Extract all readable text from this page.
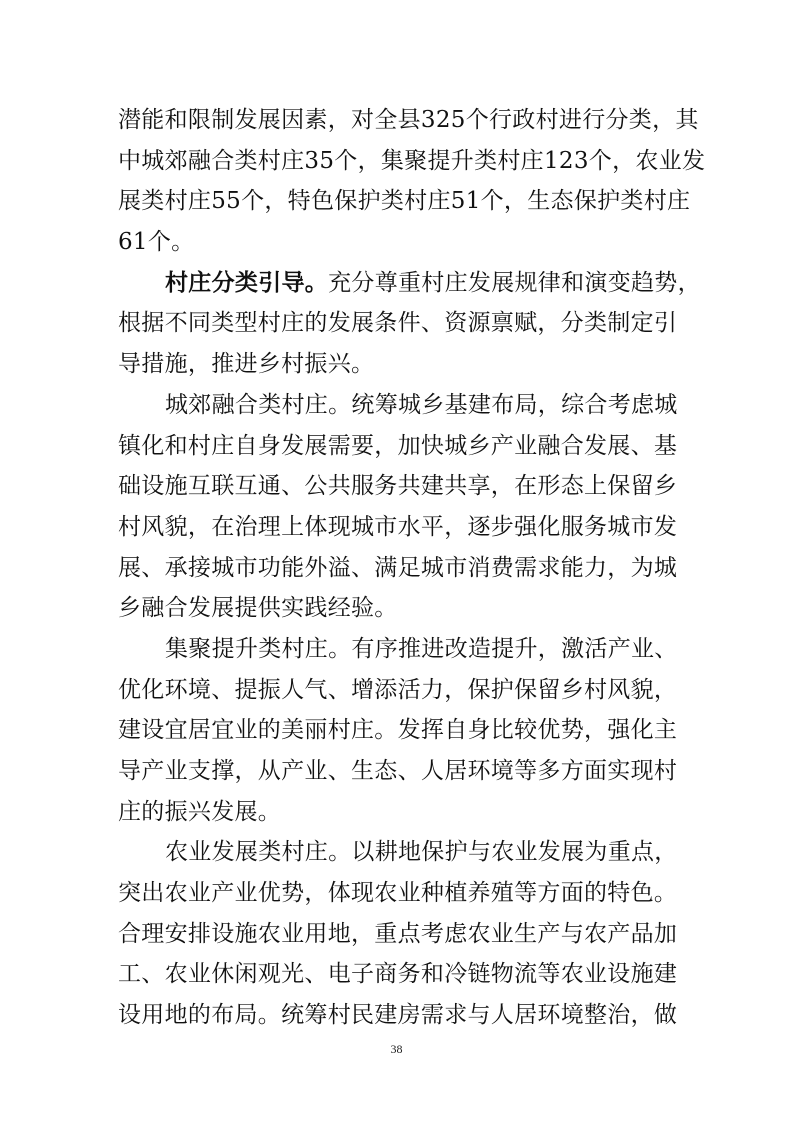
潜能和限制发展因素，对全县325个行政村进行分类，其
中城郊融合类村庄35个，集聚提升类村庄123个，农业发
展类村庄55个，特色保护类村庄51个，生态保护类村庄
61个。
村庄分类引导。充分尊重村庄发展规律和演变趋势，
根据不同类型村庄的发展条件、资源禀赋，分类制定引
导措施，推进乡村振兴。
城郊融合类村庄。统筹城乡基建布局，综合考虑城
镇化和村庄自身发展需要，加快城乡产业融合发展、基
础设施互联互通、公共服务共建共享，在形态上保留乡
村风貌，在治理上体现城市水平，逐步强化服务城市发
展、承接城市功能外溢、满足城市消费需求能力，为城
乡融合发展提供实践经验。
集聚提升类村庄。有序推进改造提升，激活产业、
优化环境、提振人气、增添活力，保护保留乡村风貌，
建设宜居宜业的美丽村庄。发挥自身比较优势，强化主
导产业支撑，从产业、生态、人居环境等多方面实现村
庄的振兴发展。
农业发展类村庄。以耕地保护与农业发展为重点，
突出农业产业优势，体现农业种植养殖等方面的特色。
合理安排设施农业用地，重点考虑农业生产与农产品加
工、农业休闲观光、电子商务和冷链物流等农业设施建
设用地的布局。统筹村民建房需求与人居环境整治，做
38
